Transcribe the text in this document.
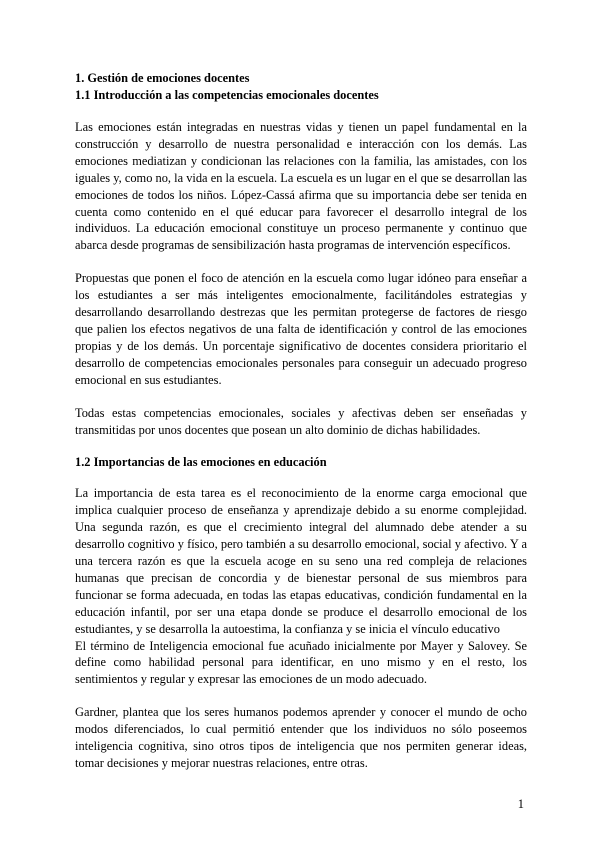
1. Gestión de emociones docentes
1.1 Introducción a las competencias emocionales docentes

Las emociones están integradas en nuestras vidas y tienen un papel fundamental en la construcción y desarrollo de nuestra personalidad e interacción con los demás. Las emociones mediatizan y condicionan las relaciones con la familia, las amistades, con los iguales y, como no, la vida en la escuela. La escuela es un lugar en el que se desarrollan las emociones de todos los niños. López-Cassá afirma que su importancia debe ser tenida en cuenta como contenido en el qué educar para favorecer el desarrollo integral de los individuos. La educación emocional constituye un proceso permanente y continuo que abarca desde programas de sensibilización hasta programas de intervención específicos.

Propuestas que ponen el foco de atención en la escuela como lugar idóneo para enseñar a los estudiantes a ser más inteligentes emocionalmente, facilitándoles estrategias y desarrollando desarrollando destrezas que les permitan protegerse de factores de riesgo que palien los efectos negativos de una falta de identificación y control de las emociones propias y de los demás. Un porcentaje significativo de docentes considera prioritario el desarrollo de competencias emocionales personales para conseguir un adecuado progreso emocional en sus estudiantes.

Todas estas competencias emocionales, sociales y afectivas deben ser enseñadas y transmitidas por unos docentes que posean un alto dominio de dichas habilidades.

1.2 Importancias de las emociones en educación

La importancia de esta tarea es el reconocimiento de la enorme carga emocional que implica cualquier proceso de enseñanza y aprendizaje debido a su enorme complejidad. Una segunda razón, es que el crecimiento integral del alumnado debe atender a su desarrollo cognitivo y físico, pero también a su desarrollo emocional, social y afectivo. Y a una tercera razón es que la escuela acoge en su seno una red compleja de relaciones humanas que precisan de concordia y de bienestar personal de sus miembros para funcionar se forma adecuada, en todas las etapas educativas, condición fundamental en la educación infantil, por ser una etapa donde se produce el desarrollo emocional de los estudiantes, y se desarrolla la autoestima, la confianza y se inicia el vínculo educativo

El término de Inteligencia emocional fue acuñado inicialmente por Mayer y Salovey. Se define como habilidad personal para identificar, en uno mismo y en el resto, los sentimientos y regular y expresar las emociones de un modo adecuado.

Gardner, plantea que los seres humanos podemos aprender y conocer el mundo de ocho modos diferenciados, lo cual permitió entender que los individuos no sólo poseemos inteligencia cognitiva, sino otros tipos de inteligencia que nos permiten generar ideas, tomar decisiones y mejorar nuestras relaciones, entre otras.

1
